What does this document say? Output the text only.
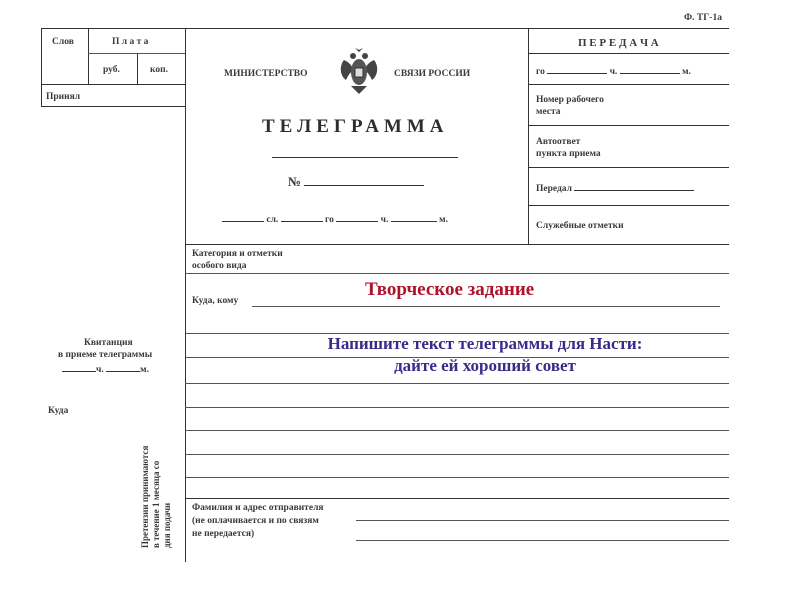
Ф. ТГ-1а
Слов	П л а т а
руб.	коп.
Принял
Квитанция
в приеме телеграммы
ч.	м.
Куда
Претензии принимаются в течение 1 месяца со дня подачи
МИНИСТЕРСТВО	СВЯЗИ РОССИИ
ТЕЛЕГРАММА
№
сл.	го	ч.	м.
П Е Р Е Д А Ч А
го	ч.	м.
Номер рабочего
места
Автоответ
пункта приема
Передал
Служебные отметки
Категория и отметки
особого вида
Куда, кому
Фамилия и адрес отправителя
(не оплачивается и по связям
не передается)
Творческое задание
Напишите текст телеграммы для Насти:
дайте ей хороший совет
